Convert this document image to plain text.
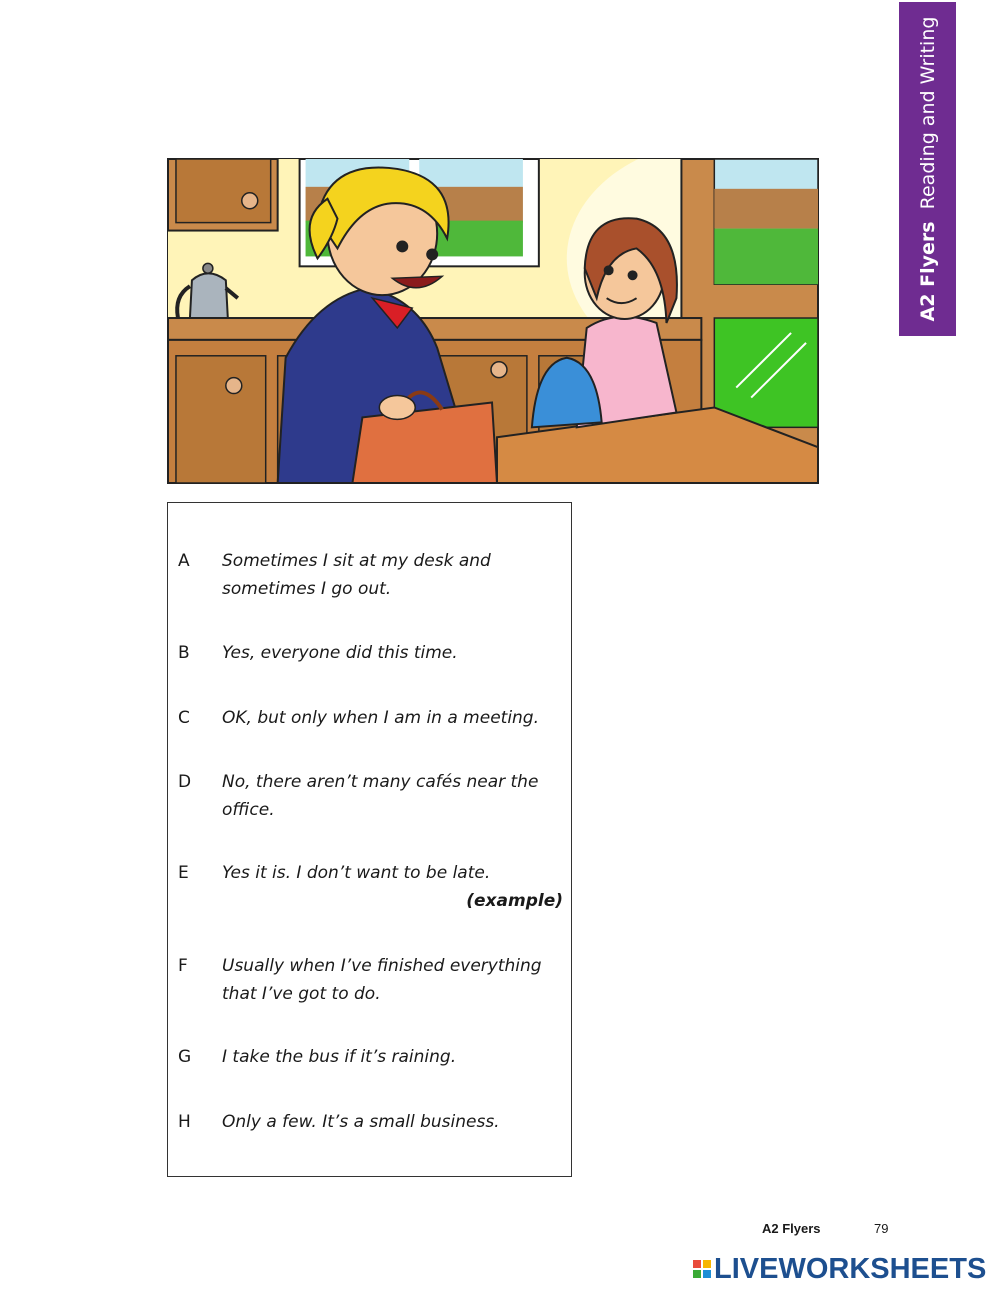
A2 Flyers  Reading and Writing
A Sometimes I sit at my desk and
sometimes I go out.
B Yes, everyone did this time.
C OK, but only when I am in a meeting.
D No, there aren’t many cafés near the
office.
E Yes it is. I don’t want to be late.
(example)
F Usually when I’ve finished everything
that I’ve got to do.
G I take the bus if it’s raining.
H Only a few. It’s a small business.
A2 Flyers	79
LIVEWORKSHEETS
